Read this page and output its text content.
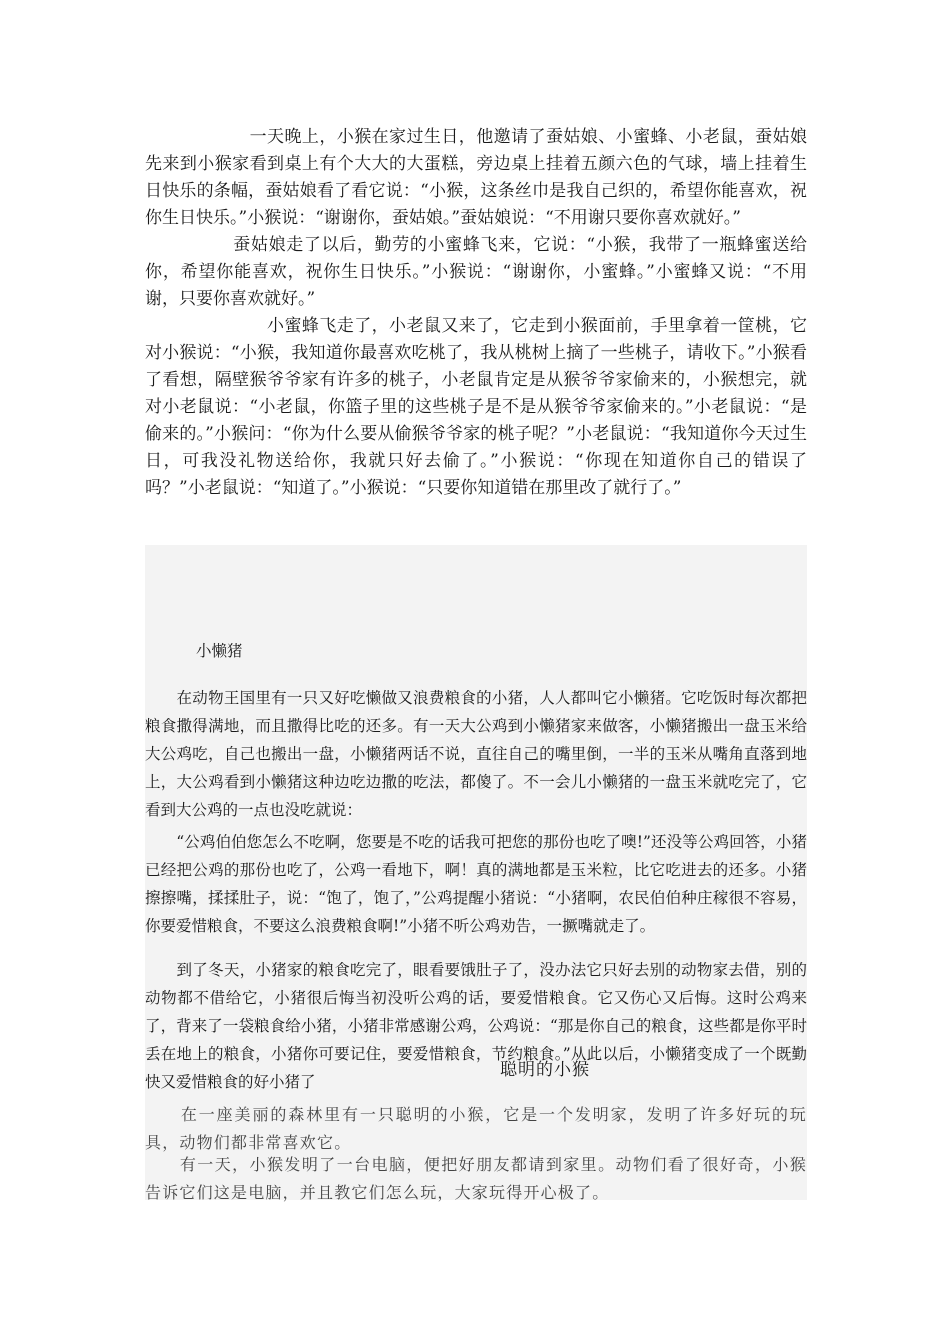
　　　　　　一天晚上，小猴在家过生日，他邀请了蚕姑娘、小蜜蜂、小老鼠，蚕姑娘先来到小猴家看到桌上有个大大的大蛋糕，旁边桌上挂着五颜六色的气球，墙上挂着生日快乐的条幅，蚕姑娘看了看它说：“小猴，这条丝巾是我自己织的，希望你能喜欢，祝你生日快乐。”小猴说：“谢谢你，蚕姑娘。”蚕姑娘说：“不用谢只要你喜欢就好。”

　　　　　蚕姑娘走了以后，勤劳的小蜜蜂飞来，它说：“小猴，我带了一瓶蜂蜜送给你，希望你能喜欢，祝你生日快乐。”小猴说：“谢谢你，小蜜蜂。”小蜜蜂又说：“不用谢，只要你喜欢就好。”

　　　　　　　小蜜蜂飞走了，小老鼠又来了，它走到小猴面前，手里拿着一筐桃，它对小猴说：“小猴，我知道你最喜欢吃桃了，我从桃树上摘了一些桃子，请收下。”小猴看了看想，隔壁猴爷爷家有许多的桃子，小老鼠肯定是从猴爷爷家偷来的，小猴想完，就对小老鼠说：“小老鼠，你篮子里的这些桃子是不是从猴爷爷家偷来的。”小老鼠说：“是偷来的。”小猴问：“你为什么要从偷猴爷爷家的桃子呢？”小老鼠说：“我知道你今天过生日，可我没礼物送给你，我就只好去偷了。”小猴说：“你现在知道你自己的错误了吗？”小老鼠说：“知道了。”小猴说：“只要你知道错在那里改了就行了。”

小懒猪
　　在动物王国里有一只又好吃懒做又浪费粮食的小猪，人人都叫它小懒猪。它吃饭时每次都把粮食撒得满地，而且撒得比吃的还多。有一天大公鸡到小懒猪家来做客，小懒猪搬出一盘玉米给大公鸡吃，自己也搬出一盘，小懒猪两话不说，直往自己的嘴里倒，一半的玉米从嘴角直落到地上，大公鸡看到小懒猪这种边吃边撒的吃法，都傻了。不一会儿小懒猪的一盘玉米就吃完了，它看到大公鸡的一点也没吃就说：
　　“公鸡伯伯您怎么不吃啊，您要是不吃的话我可把您的那份也吃了噢!”还没等公鸡回答，小猪已经把公鸡的那份也吃了，公鸡一看地下，啊！真的满地都是玉米粒，比它吃进去的还多。小猪擦擦嘴，揉揉肚子，说：“饱了，饱了，”公鸡提醒小猪说：“小猪啊，农民伯伯种庄稼很不容易，你要爱惜粮食，不要这么浪费粮食啊!”小猪不听公鸡劝告，一撅嘴就走了。
　　到了冬天，小猪家的粮食吃完了，眼看要饿肚子了，没办法它只好去别的动物家去借，别的动物都不借给它，小猪很后悔当初没听公鸡的话，要爱惜粮食。它又伤心又后悔。这时公鸡来了，背来了一袋粮食给小猪，小猪非常感谢公鸡，公鸡说：“那是你自己的粮食，这些都是你平时丢在地上的粮食，小猪你可要记住，要爱惜粮食，节约粮食。”从此以后，小懒猪变成了一个既勤快又爱惜粮食的好小猪了
聪明的小猴
　　在一座美丽的森林里有一只聪明的小猴，它是一个发明家，发明了许多好玩的玩具，动物们都非常喜欢它。
　　有一天，小猴发明了一台电脑，便把好朋友都请到家里。动物们看了很好奇，小猴告诉它们这是电脑，并且教它们怎么玩，大家玩得开心极了。
